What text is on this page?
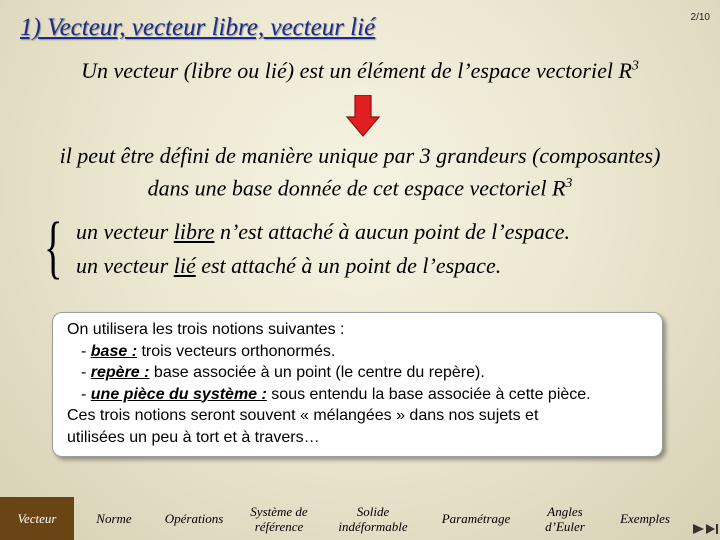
1) Vecteur, vecteur libre, vecteur lié	2/10
Un vecteur (libre ou lié) est un élément de l’espace vectoriel $R^3$
il peut être défini de manière unique par 3 grandeurs (composantes)
dans une base donnée de cet espace vectoriel $R^3$
{ un vecteur libre n’est attaché à aucun point de l’espace.
un vecteur lié est attaché à un point de l’espace.
On utilisera les trois notions suivantes :
- base : trois vecteurs orthonormés.
- repère : base associée à un point (le centre du repère).
- une pièce du système : sous entendu la base associée à cette pièce.
Ces trois notions seront souvent « mélangées » dans nos sujets et
utilisées un peu à tort et à travers…
Vecteur	Norme	Opérations	Système de
référence
Solide
indéformable	Paramétrage	Angles
d’Euler	Exemples
